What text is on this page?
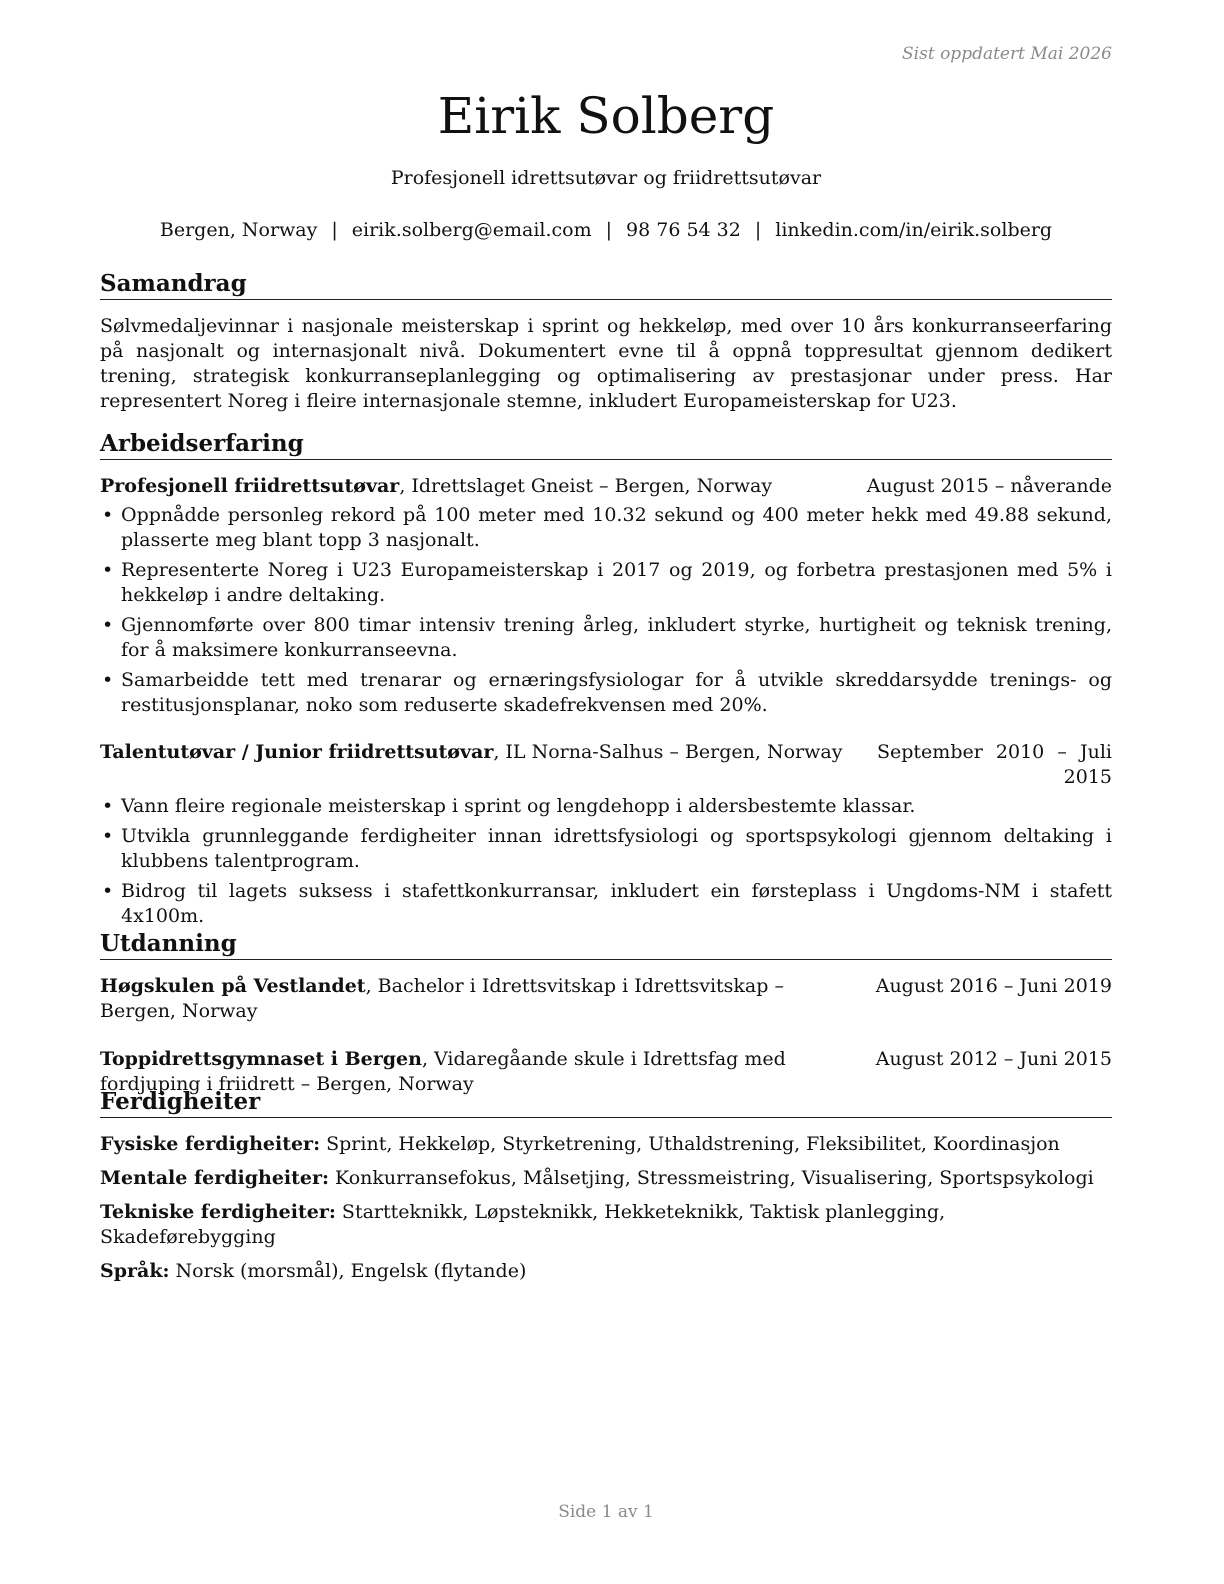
Sist oppdatert Mai 2026
Eirik Solberg
Profesjonell idrettsutøvar og friidrettsutøvar
Bergen, Norway | eirik.solberg@email.com | 98 76 54 32 | linkedin.com/in/eirik.solberg
Samandrag

Sølvmedaljevinnar i nasjonale meisterskap i sprint og hekkeløp, med over 10 års konkurranseerfaring på nasjonalt og internasjonalt nivå. Dokumentert evne til å oppnå toppresultat gjennom dedikert trening, strategisk konkurranseplanlegging og optimalisering av prestasjonar under press. Har representert Noreg i fleire internasjonale stemne, inkludert Europameisterskap for U23.

Arbeidserfaring
Profesjonell friidrettsutøvar, Idrettslaget Gneist – Bergen, Norway	August 2015 – nåverande
• Oppnådde personleg rekord på 100 meter med 10.32 sekund og 400 meter hekk med 49.88 sekund, plasserte meg blant topp 3 nasjonalt.
• Representerte Noreg i U23 Europameisterskap i 2017 og 2019, og forbetra prestasjonen med 5% i hekkeløp i andre deltaking.
• Gjennomførte over 800 timar intensiv trening årleg, inkludert styrke, hurtigheit og teknisk trening, for å maksimere konkurranseevna.
• Samarbeidde tett med trenarar og ernæringsfysiologar for å utvikle skreddarsydde trenings- og restitusjonsplanar, noko som reduserte skadefrekvensen med 20%.
Talentutøvar / Junior friidrettsutøvar, IL Norna-Salhus – Bergen, Norway	September 2010 – Juli 2015
• Vann fleire regionale meisterskap i sprint og lengdehopp i aldersbestemte klassar.
• Utvikla grunnleggande ferdigheiter innan idrettsfysiologi og sportspsykologi gjennom deltaking i klubbens talentprogram.
• Bidrog til lagets suksess i stafettkonkurransar, inkludert ein førsteplass i Ungdoms-NM i stafett 4x100m.
Utdanning
Høgskulen på Vestlandet, Bachelor i Idrettsvitskap i Idrettsvitskap – Bergen, Norway
August 2016 – Juni 2019
Toppidrettsgymnaset i Bergen, Vidaregåande skule i Idrettsfag med fordjuping i friidrett – Bergen, Norway
August 2012 – Juni 2015
Ferdigheiter
Fysiske ferdigheiter: Sprint, Hekkeløp, Styrketrening, Uthaldstrening, Fleksibilitet, Koordinasjon
Mentale ferdigheiter: Konkurransefokus, Målsetjing, Stressmeistring, Visualisering, Sportspsykologi
Tekniske ferdigheiter: Startteknikk, Løpsteknikk, Hekketeknikk, Taktisk planlegging, Skadeførebygging
Språk: Norsk (morsmål), Engelsk (flytande)
Side 1 av 1
